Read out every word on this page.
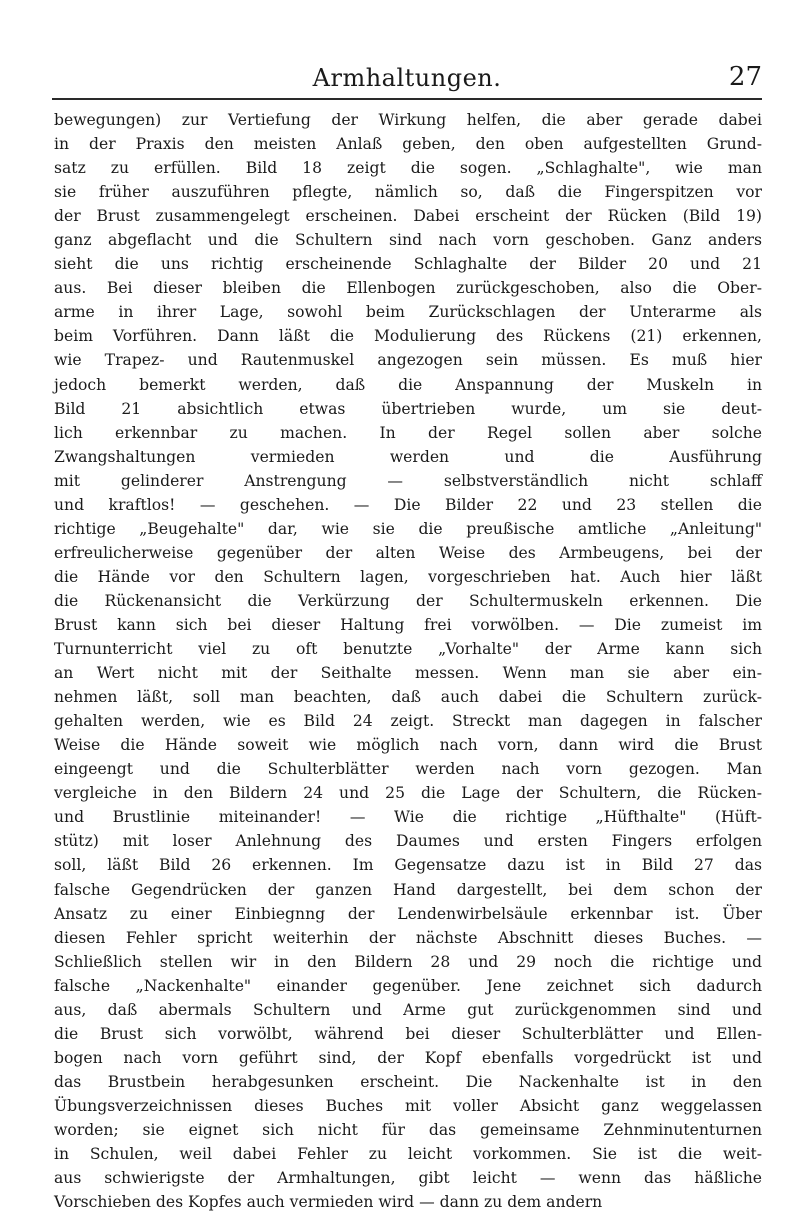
Armhaltungen.	27
bewegungen) zur Vertiefung der Wirkung helfen, die aber gerade dabei
in der Praxis den meisten Anlaß geben, den oben aufgestellten Grund-
satz zu erfüllen. Bild 18 zeigt die sogen. „Schlaghalte", wie man
sie früher auszuführen pflegte, nämlich so, daß die Fingerspitzen vor
der Brust zusammengelegt erscheinen. Dabei erscheint der Rücken (Bild 19)
ganz abgeflacht und die Schultern sind nach vorn geschoben. Ganz anders
sieht die uns richtig erscheinende Schlaghalte der Bilder 20 und 21
aus. Bei dieser bleiben die Ellenbogen zurückgeschoben, also die Ober-
arme in ihrer Lage, sowohl beim Zurückschlagen der Unterarme als
beim Vorführen. Dann läßt die Modulierung des Rückens (21) erkennen,
wie Trapez- und Rautenmuskel angezogen sein müssen. Es muß hier
jedoch bemerkt werden, daß die Anspannung der Muskeln in
Bild 21 absichtlich etwas übertrieben wurde, um sie deut-
lich erkennbar zu machen. In der Regel sollen aber solche
Zwangshaltungen vermieden werden und die Ausführung
mit gelinderer Anstrengung — selbstverständlich nicht schlaff
und kraftlos! — geschehen. — Die Bilder 22 und 23 stellen die
richtige „Beugehalte" dar, wie sie die preußische amtliche „Anleitung"
erfreulicherweise gegenüber der alten Weise des Armbeugens, bei der
die Hände vor den Schultern lagen, vorgeschrieben hat. Auch hier läßt
die Rückenansicht die Verkürzung der Schultermuskeln erkennen. Die
Brust kann sich bei dieser Haltung frei vorwölben. — Die zumeist im
Turnunterricht viel zu oft benutzte „Vorhalte" der Arme kann sich
an Wert nicht mit der Seithalte messen. Wenn man sie aber ein-
nehmen läßt, soll man beachten, daß auch dabei die Schultern zurück-
gehalten werden, wie es Bild 24 zeigt. Streckt man dagegen in falscher
Weise die Hände soweit wie möglich nach vorn, dann wird die Brust
eingeengt und die Schulterblätter werden nach vorn gezogen. Man
vergleiche in den Bildern 24 und 25 die Lage der Schultern, die Rücken-
und Brustlinie miteinander! — Wie die richtige „Hüfthalte" (Hüft-
stütz) mit loser Anlehnung des Daumes und ersten Fingers erfolgen
soll, läßt Bild 26 erkennen. Im Gegensatze dazu ist in Bild 27 das
falsche Gegendrücken der ganzen Hand dargestellt, bei dem schon der
Ansatz zu einer Einbiegnng der Lendenwirbelsäule erkennbar ist. Über
diesen Fehler spricht weiterhin der nächste Abschnitt dieses Buches. —
Schließlich stellen wir in den Bildern 28 und 29 noch die richtige und
falsche „Nackenhalte" einander gegenüber. Jene zeichnet sich dadurch
aus, daß abermals Schultern und Arme gut zurückgenommen sind und
die Brust sich vorwölbt, während bei dieser Schulterblätter und Ellen-
bogen nach vorn geführt sind, der Kopf ebenfalls vorgedrückt ist und
das Brustbein herabgesunken erscheint. Die Nackenhalte ist in den
Übungsverzeichnissen dieses Buches mit voller Absicht ganz weggelassen
worden; sie eignet sich nicht für das gemeinsame Zehnminutenturnen
in Schulen, weil dabei Fehler zu leicht vorkommen. Sie ist die weit-
aus schwierigste der Armhaltungen, gibt leicht — wenn das häßliche
Vorschieben des Kopfes auch vermieden wird — dann zu dem andern
